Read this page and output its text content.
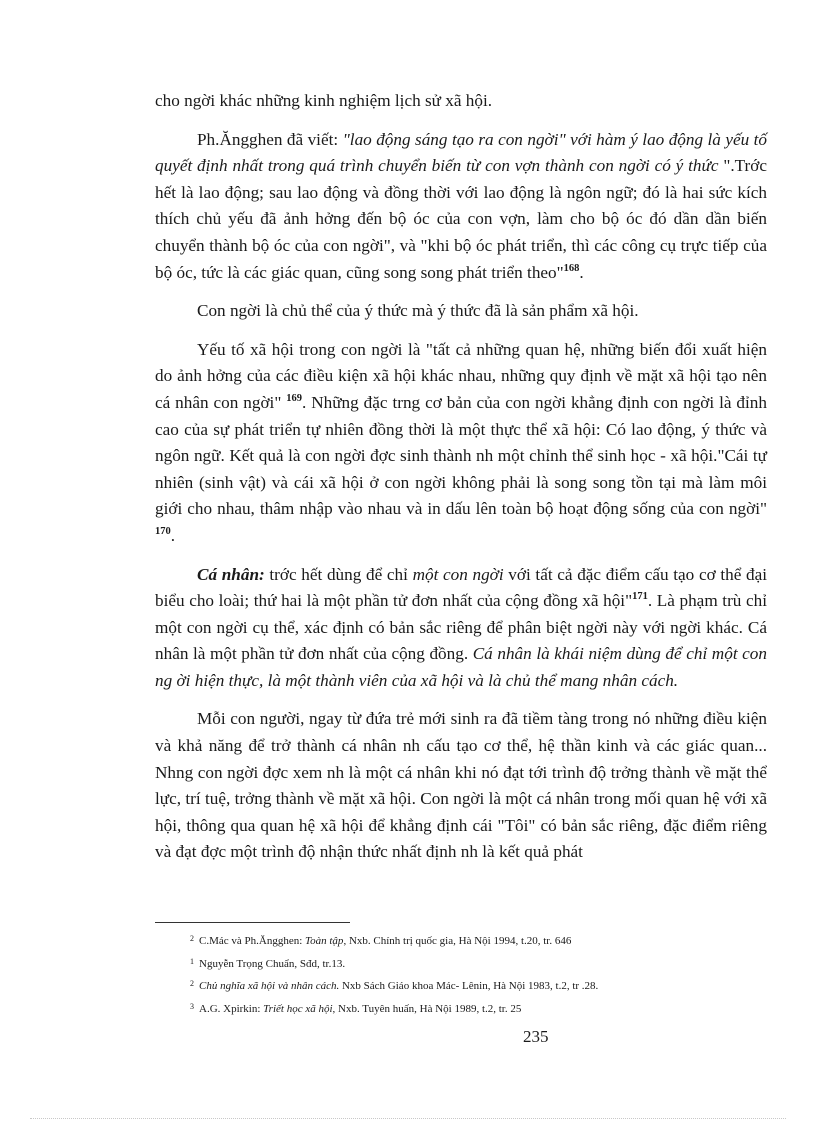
cho ngời khác những kinh nghiệm lịch sử xã hội.

Ph.Ăngghen đã viết: "lao động sáng tạo ra con ngời" với hàm ý lao động là yếu tố quyết định nhất trong quá trình chuyển biến từ con vợn thành con ngời có ý thức ".Trớc hết là lao động; sau lao động và đồng thời với lao động là ngôn ngữ; đó là hai sức kích thích chủ yếu đã ảnh hởng đến bộ óc của con vợn, làm cho bộ óc đó dần dần biến chuyển thành bộ óc của con ngời", và "khi bộ óc phát triển, thì các công cụ trực tiếp của bộ óc, tức là các giác quan, cũng song song phát triển theo"$^{168}$.

Con ngời là chủ thể của ý thức mà ý thức đã là sản phẩm xã hội.

Yếu tố xã hội trong con ngời là "tất cả những quan hệ, những biến đổi xuất hiện do ảnh hởng của các điều kiện xã hội khác nhau, những quy định về mặt xã hội tạo nên cá nhân con ngời" $^{169}$. Những đặc trng cơ bản của con ngời khẳng định con ngời là đỉnh cao của sự phát triển tự nhiên đồng thời là một thực thể xã hội: Có lao động, ý thức và ngôn ngữ. Kết quả là con ngời đợc sinh thành nh một chỉnh thể sinh học - xã hội."Cái tự nhiên (sinh vật) và cái xã hội ở con ngời không phải là song song tồn tại mà làm môi giới cho nhau, thâm nhập vào nhau và in dấu lên toàn bộ hoạt động sống của con ngời" $^{170}$.

Cá nhân: trớc hết dùng để chỉ một con ngời với tất cả đặc điểm cấu tạo cơ thể đại biểu cho loài; thứ hai là một phần tử đơn nhất của cộng đồng xã hội"$^{171}$. Là phạm trù chỉ một con ngời cụ thể, xác định có bản sắc riêng để phân biệt ngời này với ngời khác. Cá nhân là một phần tử đơn nhất của cộng đồng. Cá nhân là khái niệm dùng để chỉ một con ng ời hiện thực, là một thành viên của xã hội và là chủ thể mang nhân cách.

Mỗi con người, ngay từ đứa trẻ mới sinh ra đã tiềm tàng trong nó những điều kiện và khả năng để trở thành cá nhân nh cấu tạo cơ thể, hệ thần kinh và các giác quan... Nhng con ngời đợc xem nh là một cá nhân khi nó đạt tới trình độ trởng thành về mặt thể lực, trí tuệ, trởng thành về mặt xã hội. Con ngời là một cá nhân trong mối quan hệ với xã hội, thông qua quan hệ xã hội để khẳng định cái "Tôi" có bản sắc riêng, đặc điểm riêng và đạt đợc một trình độ nhận thức nhất định nh là kết quả phát

$^2$ C.Mác và Ph.Ăngghen: Toàn tập, Nxb. Chính trị quốc gia, Hà Nội 1994, t.20, tr. 646
$^1$ Nguyễn Trọng Chuẩn, Sđd, tr.13.
$^2$ Chủ nghĩa xã hội và nhân cách. Nxb Sách Giáo khoa Mác- Lênin, Hà Nội 1983, t.2, tr .28.
$^3$ A.G. Xpirkin: Triết học xã hội, Nxb. Tuyên huấn, Hà Nội 1989, t.2, tr. 25
235
